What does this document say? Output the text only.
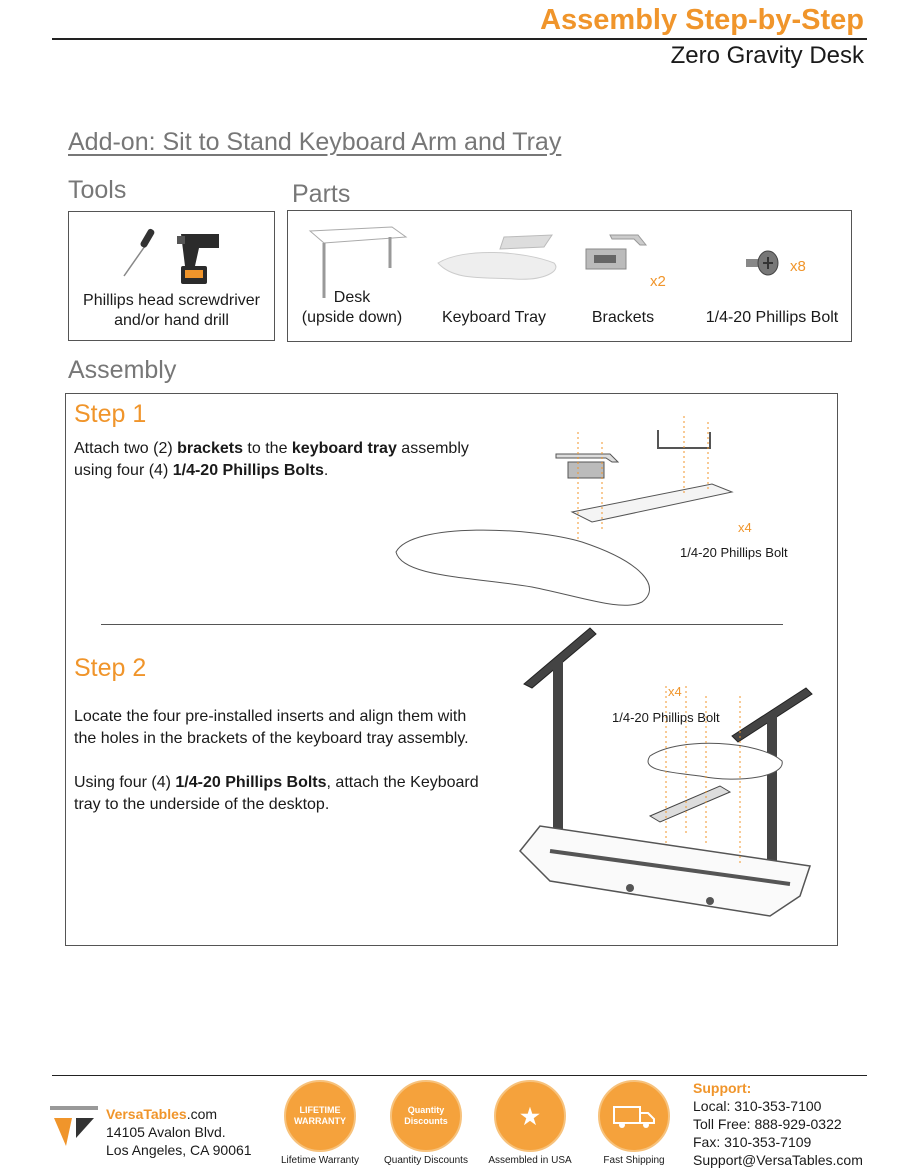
Assembly Step-by-Step
Zero Gravity Desk
Add-on: Sit to Stand Keyboard Arm and Tray
Tools
Phillips head screwdriver
and/or hand drill
Parts
Desk
(upside down)	Keyboard Tray
x2
Brackets
x8
1/4-20 Phillips Bolt
Assembly
Step 1
Attach two (2) brackets to the keyboard tray assembly
using four (4) 1/4-20 Phillips Bolts.
x4
1/4-20 Phillips Bolt
Step 2
Locate the four pre-installed inserts and align them with
the holes in the brackets of the keyboard tray assembly.

Using four (4) 1/4-20 Phillips Bolts, attach the Keyboard
tray to the underside of the desktop.
x4
1/4-20 Phillips Bolt
VersaTables.com
14105 Avalon Blvd.
Los Angeles, CA 90061
LIFETIME WARRANTY
Lifetime Warranty
Quantity Discounts
Quantity Discounts
★
Assembled in USA	Fast Shipping
Support:
Local: 310-353-7100
Toll Free: 888-929-0322
Fax: 310-353-7109
Support@VersaTables.com
